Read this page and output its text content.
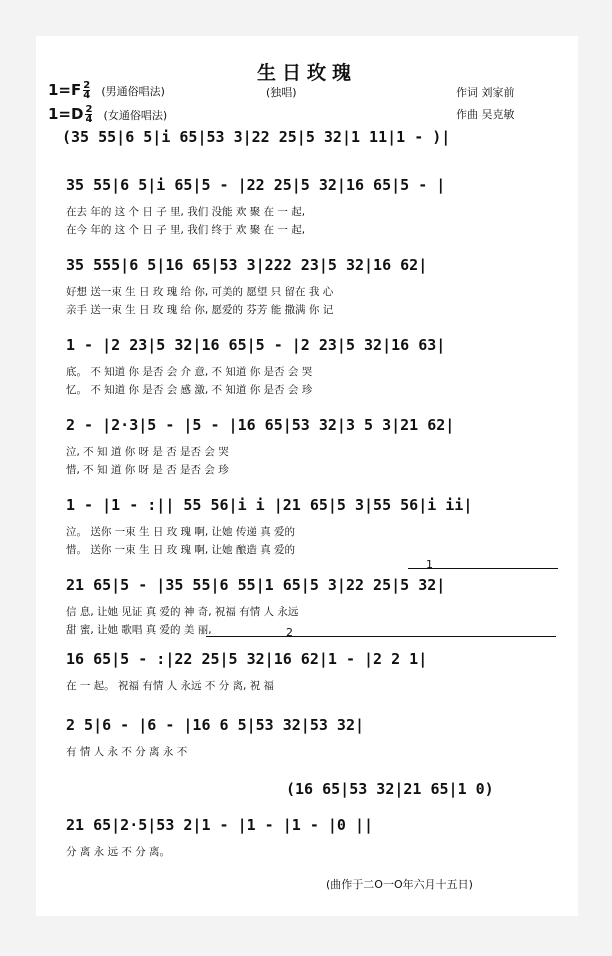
生日玫瑰
$1=F \frac{2}{4}$ (男通俗唱法)
$1=D \frac{2}{4}$ (女通俗唱法)
(独唱)	作词 刘家前
作曲 吴克敏
(35 55|6 5|i 65|53 3|22 25|5 32|1 11|1 - )|
35 55|6 5|i 65|5 - |22 25|5 32|16 65|5 - |
在去 年的 这 个 日 子 里, 我们 没能 欢 聚 在 一 起,
在今 年的 这 个 日 子 里, 我们 终于 欢 聚 在 一 起,
35 555|6 5|16 65|53 3|222 23|5 32|16 62|
好想 送一束 生 日 玫 瑰 给 你, 可美的 愿望 只 留在 我 心
亲手 送一束 生 日 玫 瑰 给 你, 愿爱的 芬芳 能 撒满 你 记
1 - |2 23|5 32|16 65|5 - |2 23|5 32|16 63|
底。 不 知道 你 是否 会 介 意, 不 知道 你 是否 会 哭
忆。 不 知道 你 是否 会 感 激, 不 知道 你 是否 会 珍
2 - |2·3|5 - |5 - |16 65|53 32|3 5 3|21 62|
泣, 不 知 道 你 呀 是 否 是否 会 哭
惜, 不 知 道 你 呀 是 否 是否 会 珍
1 - |1 - :|| 55 56|i i |21 65|5 3|55 56|i ii|
泣。 送你 一束 生 日 玫 瑰 啊, 让她 传递 真 爱的
惜。 送你 一束 生 日 玫 瑰 啊, 让她 酿造 真 爱的
1
21 65|5 - |35 55|6 55|1 65|5 3|22 25|5 32|
信 息, 让她 见证 真 爱的 神 奇, 祝福 有情 人 永远
甜 蜜, 让她 歌唱 真 爱的 美 丽,	2
16 65|5 - :|22 25|5 32|16 62|1 - |2 2 1|
在 一 起。 祝福 有情 人 永远 不 分 离, 祝 福
2 5|6 - |6 - |16 6 5|53 32|53 32|
有 情 人 永 不 分 离 永 不
(16 65|53 32|21 65|1 0)
21 65|2·5|53 2|1 - |1 - |1 - |0 ||
分 离 永 远 不 分 离。
(曲作于二O一O年六月十五日)
